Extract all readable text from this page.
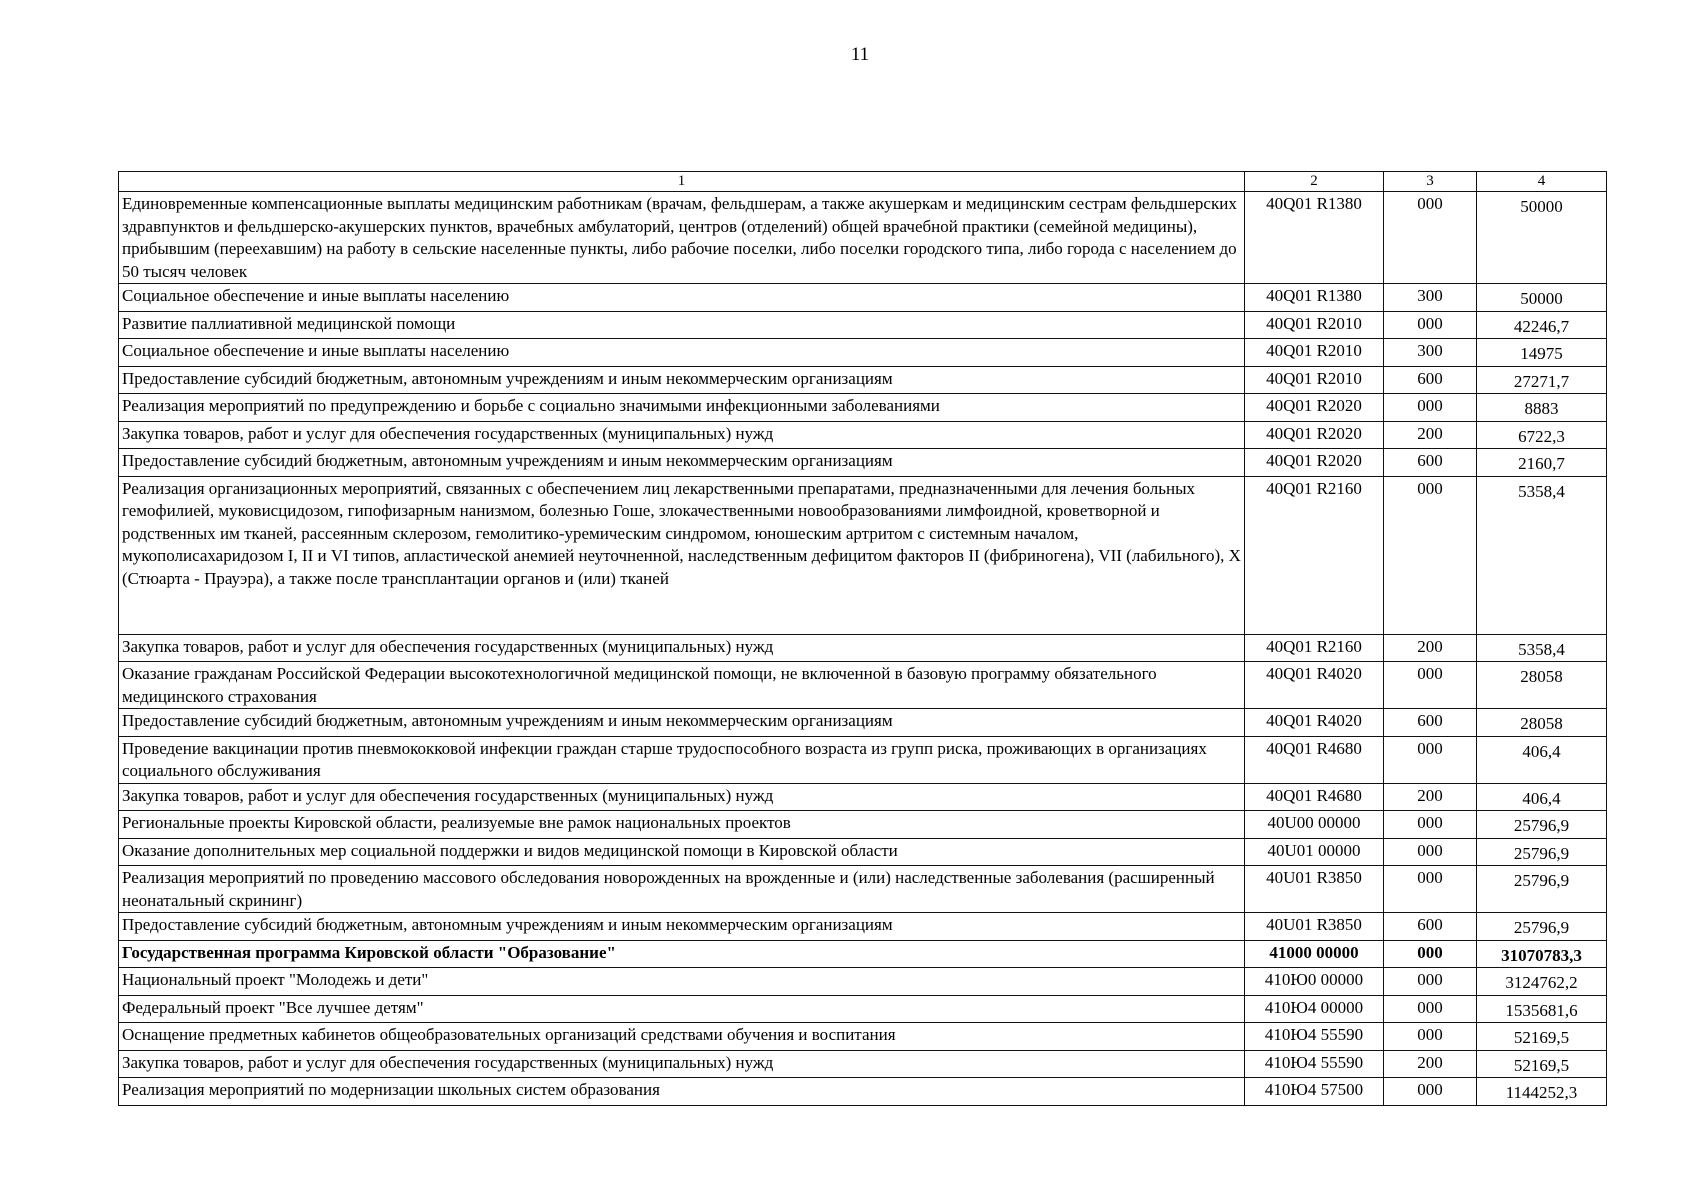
11
1	2	3	4
Единовременные компенсационные выплаты медицинским работникам (врачам, фельдшерам, а также акушеркам и медицинским сестрам фельдшерских здравпунктов и фельдшерско-акушерских пунктов, врачебных амбулаторий, центров (отделений) общей врачебной практики (семейной медицины), прибывшим (переехавшим) на работу в сельские населенные пункты, либо рабочие поселки, либо поселки городского типа, либо города с населением до 50 тысяч человек	40Q01 R1380	000	50000
Социальное обеспечение и иные выплаты населению	40Q01 R1380	300	50000
Развитие паллиативной медицинской помощи	40Q01 R2010	000	42246,7
Социальное обеспечение и иные выплаты населению	40Q01 R2010	300	14975
Предоставление субсидий бюджетным, автономным учреждениям и иным некоммерческим организациям	40Q01 R2010	600	27271,7
Реализация мероприятий по предупреждению и борьбе с социально значимыми инфекционными заболеваниями	40Q01 R2020	000	8883
Закупка товаров, работ и услуг для обеспечения государственных (муниципальных) нужд	40Q01 R2020	200	6722,3
Предоставление субсидий бюджетным, автономным учреждениям и иным некоммерческим организациям	40Q01 R2020	600	2160,7
Реализация организационных мероприятий, связанных с обеспечением лиц лекарственными препаратами, предназначенными для лечения больных гемофилией, муковисцидозом, гипофизарным нанизмом, болезнью Гоше, злокачественными новообразованиями лимфоидной, кроветворной и родственных им тканей, рассеянным склерозом, гемолитико-уремическим синдромом, юношеским артритом с системным началом, мукополисахаридозом I, II и VI типов, апластической анемией неуточненной, наследственным дефицитом факторов II (фибриногена), VII (лабильного), X (Стюарта - Прауэра), а также после трансплантации органов и (или) тканей	40Q01 R2160	000	5358,4
Закупка товаров, работ и услуг для обеспечения государственных (муниципальных) нужд	40Q01 R2160	200	5358,4
Оказание гражданам Российской Федерации высокотехнологичной медицинской помощи, не включенной в базовую программу обязательного медицинского страхования	40Q01 R4020	000	28058
Предоставление субсидий бюджетным, автономным учреждениям и иным некоммерческим организациям	40Q01 R4020	600	28058
Проведение вакцинации против пневмококковой инфекции граждан старше трудоспособного возраста из групп риска, проживающих в организациях социального обслуживания	40Q01 R4680	000	406,4
Закупка товаров, работ и услуг для обеспечения государственных (муниципальных) нужд	40Q01 R4680	200	406,4
Региональные проекты Кировской области, реализуемые вне рамок национальных проектов	40U00 00000	000	25796,9
Оказание дополнительных мер социальной поддержки и видов медицинской помощи в Кировской области	40U01 00000	000	25796,9
Реализация мероприятий по проведению массового обследования новорожденных на врожденные и (или) наследственные заболевания (расширенный неонатальный скрининг)	40U01 R3850	000	25796,9
Предоставление субсидий бюджетным, автономным учреждениям и иным некоммерческим организациям	40U01 R3850	600	25796,9
Государственная программа Кировской области "Образование"	41000 00000	000	31070783,3
Национальный проект "Молодежь и дети"	410Ю0 00000	000	3124762,2
Федеральный проект "Все лучшее детям"	410Ю4 00000	000	1535681,6
Оснащение предметных кабинетов общеобразовательных организаций средствами обучения и воспитания	410Ю4 55590	000	52169,5
Закупка товаров, работ и услуг для обеспечения государственных (муниципальных) нужд	410Ю4 55590	200	52169,5
Реализация мероприятий по модернизации школьных систем образования	410Ю4 57500	000	1144252,3
